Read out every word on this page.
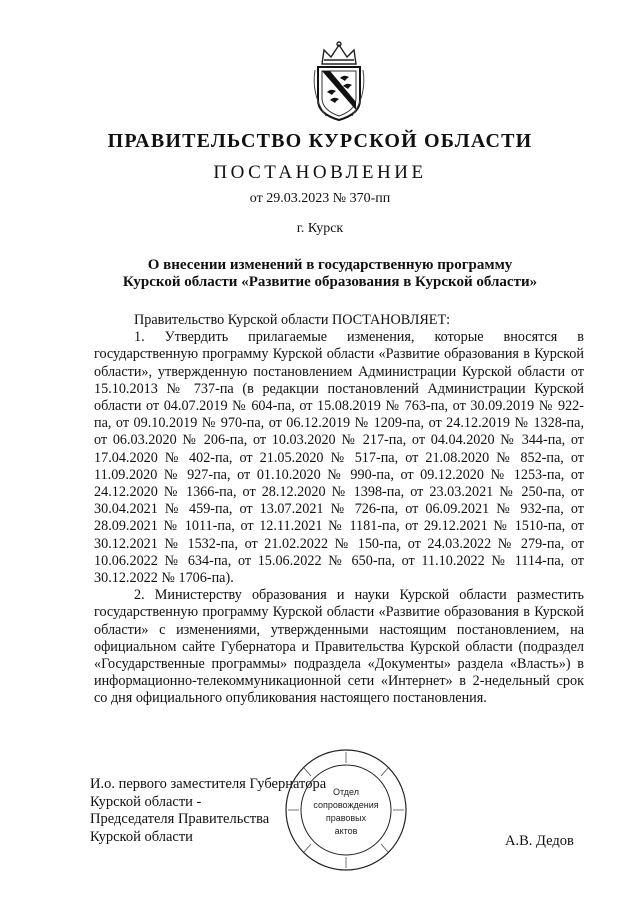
ПРАВИТЕЛЬСТВО КУРСКОЙ ОБЛАСТИ
ПОСТАНОВЛЕНИЕ
от 29.03.2023 № 370-пп
г. Курск
О внесении изменений в государственную программу
Курской области «Развитие образования в Курской области»

Правительство Курской области ПОСТАНОВЛЯЕТ:

1. Утвердить прилагаемые изменения, которые вносятся в государственную программу Курской области «Развитие образования в Курской области», утвержденную постановлением Администрации Курской области от 15.10.2013 № 737-па (в редакции постановлений Администрации Курской области от 04.07.2019 № 604-па, от 15.08.2019 № 763-па, от 30.09.2019 № 922-па, от 09.10.2019 № 970-па, от 06.12.2019 № 1209-па, от 24.12.2019 № 1328-па, от 06.03.2020 № 206-па, от 10.03.2020 № 217-па, от 04.04.2020 № 344-па, от 17.04.2020 № 402-па, от 21.05.2020 № 517-па, от 21.08.2020 № 852-па, от 11.09.2020 № 927-па, от 01.10.2020 № 990-па, от 09.12.2020 № 1253-па, от 24.12.2020 № 1366-па, от 28.12.2020 № 1398-па, от 23.03.2021 № 250-па, от 30.04.2021 № 459-па, от 13.07.2021 № 726-па, от 06.09.2021 № 932-па, от 28.09.2021 № 1011-па, от 12.11.2021 № 1181-па, от 29.12.2021 № 1510-па, от 30.12.2021 № 1532-па, от 21.02.2022 № 150-па, от 24.03.2022 № 279-па, от 10.06.2022 № 634-па, от 15.06.2022 № 650-па, от 11.10.2022 № 1114-па, от 30.12.2022 № 1706-па).

2. Министерству образования и науки Курской области разместить государственную программу Курской области «Развитие образования в Курской области» с изменениями, утвержденными настоящим постановлением, на официальном сайте Губернатора и Правительства Курской области (подраздел «Государственные программы» подраздела «Документы» раздела «Власть») в информационно-телекоммуникационной сети «Интернет» в 2-недельный срок со дня официального опубликования настоящего постановления.

И.о. первого заместителя Губернатора
Курской области -
Председателя Правительства
Курской области	А.В. Дедов
Отдел
сопровождения
правовых
актов
